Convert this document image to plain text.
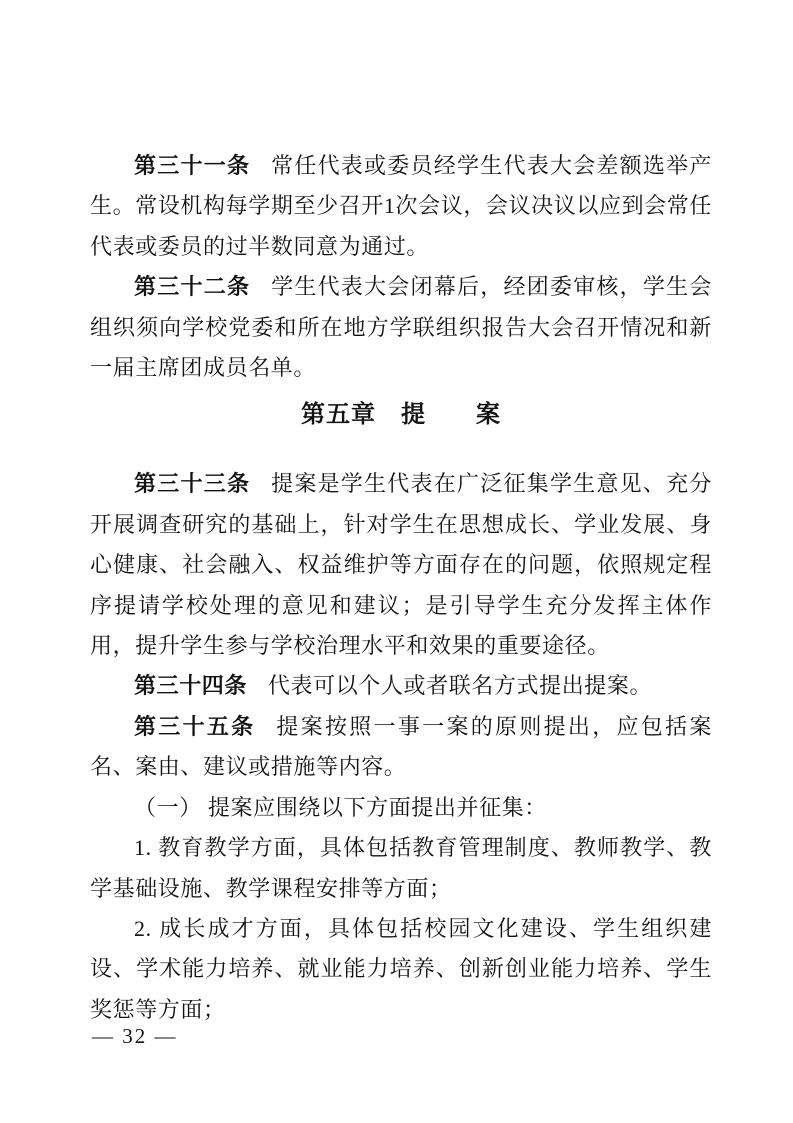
第三十一条 常任代表或委员经学生代表大会差额选举产生。常设机构每学期至少召开1次会议，会议决议以应到会常任代表或委员的过半数同意为通过。

第三十二条 学生代表大会闭幕后，经团委审核，学生会组织须向学校党委和所在地方学联组织报告大会召开情况和新一届主席团成员名单。

第五章　提　　案

第三十三条 提案是学生代表在广泛征集学生意见、充分开展调查研究的基础上，针对学生在思想成长、学业发展、身心健康、社会融入、权益维护等方面存在的问题，依照规定程序提请学校处理的意见和建议；是引导学生充分发挥主体作用，提升学生参与学校治理水平和效果的重要途径。

第三十四条 代表可以个人或者联名方式提出提案。

第三十五条 提案按照一事一案的原则提出，应包括案名、案由、建议或措施等内容。

（一） 提案应围绕以下方面提出并征集：

1. 教育教学方面，具体包括教育管理制度、教师教学、教学基础设施、教学课程安排等方面；

2. 成长成才方面，具体包括校园文化建设、学生组织建设、学术能力培养、就业能力培养、创新创业能力培养、学生奖惩等方面；

— 32 —
